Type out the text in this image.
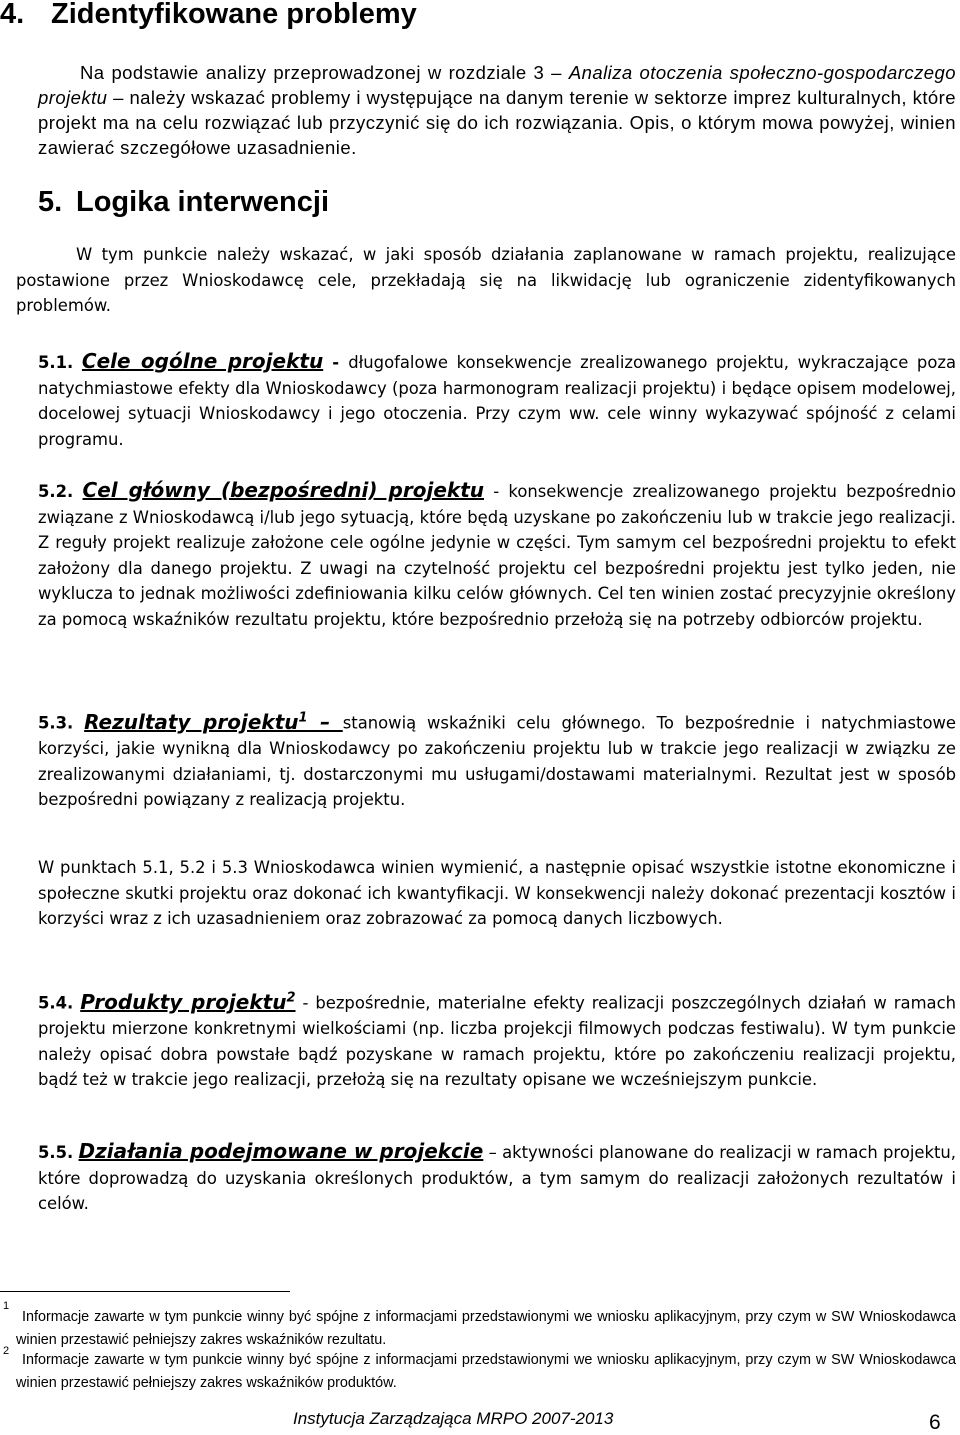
4. Zidentyfikowane problemy

Na podstawie analizy przeprowadzonej w rozdziale 3 – Analiza otoczenia społeczno-gospodarczego projektu – należy wskazać problemy i występujące na danym terenie w sektorze imprez kulturalnych, które projekt ma na celu rozwiązać lub przyczynić się do ich rozwiązania. Opis, o którym mowa powyżej, winien zawierać szczegółowe uzasadnienie.

5. Logika interwencji

W tym punkcie należy wskazać, w jaki sposób działania zaplanowane w ramach projektu, realizujące postawione przez Wnioskodawcę cele, przekładają się na likwidację lub ograniczenie zidentyfikowanych problemów.

5.1. Cele ogólne projektu - długofalowe konsekwencje zrealizowanego projektu, wykraczające poza natychmiastowe efekty dla Wnioskodawcy (poza harmonogram realizacji projektu) i będące opisem modelowej, docelowej sytuacji Wnioskodawcy i jego otoczenia. Przy czym ww. cele winny wykazywać spójność z celami programu.

5.2. Cel główny (bezpośredni) projektu - konsekwencje zrealizowanego projektu bezpośrednio związane z Wnioskodawcą i/lub jego sytuacją, które będą uzyskane po zakończeniu lub w trakcie jego realizacji. Z reguły projekt realizuje założone cele ogólne jedynie w części. Tym samym cel bezpośredni projektu to efekt założony dla danego projektu. Z uwagi na czytelność projektu cel bezpośredni projektu jest tylko jeden, nie wyklucza to jednak możliwości zdefiniowania kilku celów głównych. Cel ten winien zostać precyzyjnie określony za pomocą wskaźników rezultatu projektu, które bezpośrednio przełożą się na potrzeby odbiorców projektu.

5.3. Rezultaty projektu$^1$ – stanowią wskaźniki celu głównego. To bezpośrednie i natychmiastowe korzyści, jakie wynikną dla Wnioskodawcy po zakończeniu projektu lub w trakcie jego realizacji w związku ze zrealizowanymi działaniami, tj. dostarczonymi mu usługami/dostawami materialnymi. Rezultat jest w sposób bezpośredni powiązany z realizacją projektu.

W punktach 5.1, 5.2 i 5.3 Wnioskodawca winien wymienić, a następnie opisać wszystkie istotne ekonomiczne i społeczne skutki projektu oraz dokonać ich kwantyfikacji. W konsekwencji należy dokonać prezentacji kosztów i korzyści wraz z ich uzasadnieniem oraz zobrazować za pomocą danych liczbowych.

5.4. Produkty projektu$^2$ - bezpośrednie, materialne efekty realizacji poszczególnych działań w ramach projektu mierzone konkretnymi wielkościami (np. liczba projekcji filmowych podczas festiwalu). W tym punkcie należy opisać dobra powstałe bądź pozyskane w ramach projektu, które po zakończeniu realizacji projektu, bądź też w trakcie jego realizacji, przełożą się na rezultaty opisane we wcześniejszym punkcie.

5.5. Działania podejmowane w projekcie – aktywności planowane do realizacji w ramach projektu, które doprowadzą do uzyskania określonych produktów, a tym samym do realizacji założonych rezultatów i celów.

1

Informacje zawarte w tym punkcie winny być spójne z informacjami przedstawionymi we wniosku aplikacyjnym, przy czym w SW Wnioskodawca winien przestawić pełniejszy zakres wskaźników rezultatu.

2

Informacje zawarte w tym punkcie winny być spójne z informacjami przedstawionymi we wniosku aplikacyjnym, przy czym w SW Wnioskodawca winien przestawić pełniejszy zakres wskaźników produktów.

Instytucja Zarządzająca MRPO 2007-2013	6
